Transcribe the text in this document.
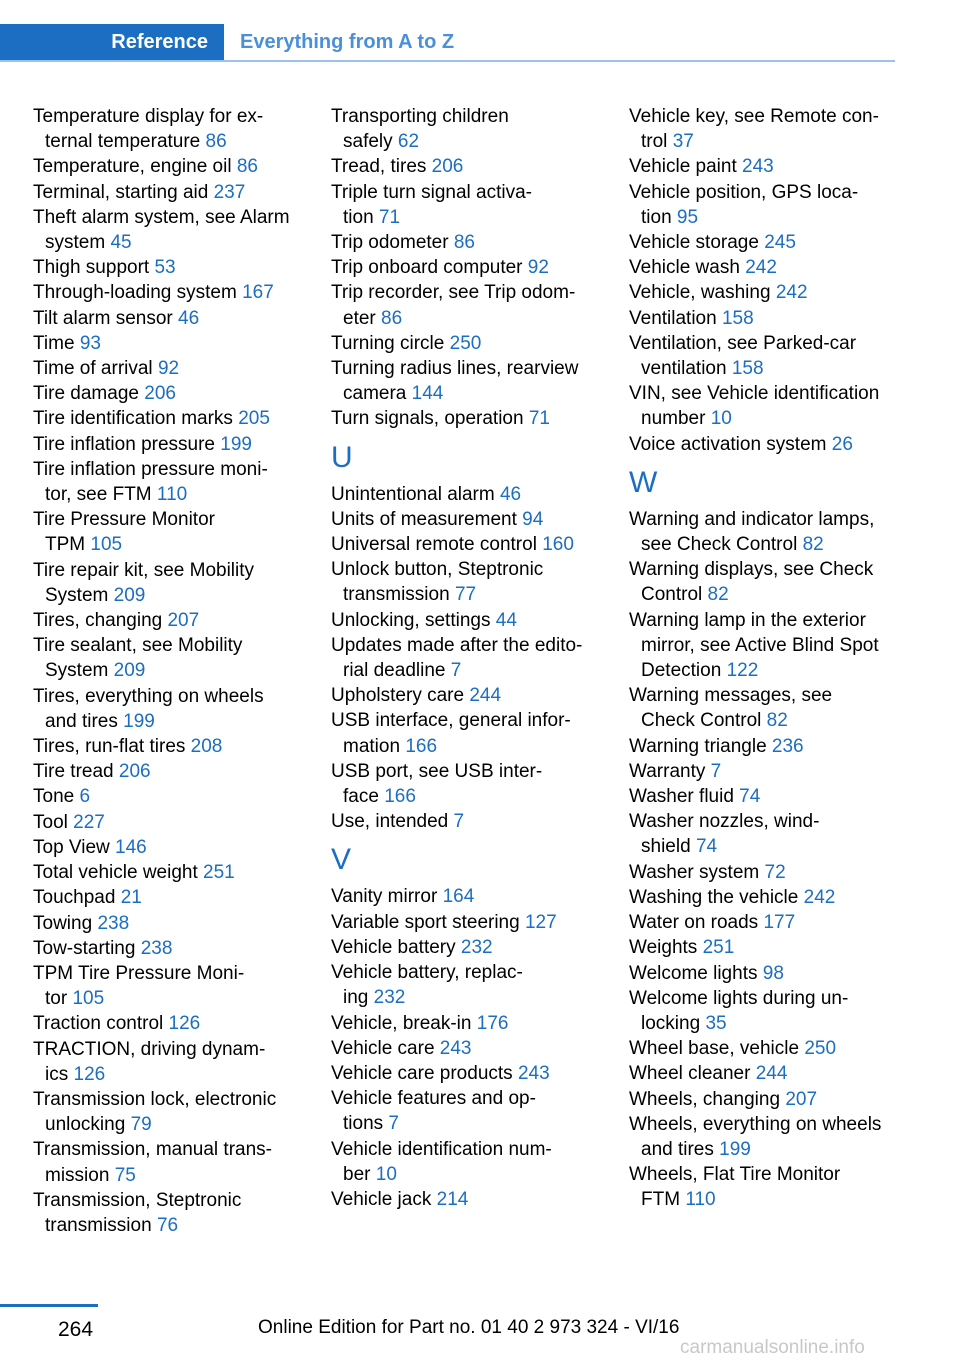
Reference	Everything from A to Z
Temperature display for ex-
ternal temperature 86
Temperature, engine oil 86
Terminal, starting aid 237
Theft alarm system, see Alarm system 45
Thigh support 53
Through-loading system 167
Tilt alarm sensor 46
Time 93
Time of arrival 92
Tire damage 206
Tire identification marks 205
Tire inflation pressure 199
Tire inflation pressure moni-
tor, see FTM 110
Tire Pressure Monitor
TPM 105
Tire repair kit, see Mobility
System 209
Tires, changing 207
Tire sealant, see Mobility
System 209
Tires, everything on wheels
and tires 199
Tires, run-flat tires 208
Tire tread 206
Tone 6
Tool 227
Top View 146
Total vehicle weight 251
Touchpad 21
Towing 238
Tow-starting 238
TPM Tire Pressure Moni-
tor 105
Traction control 126
TRACTION, driving dynam-
ics 126
Transmission lock, electronic
unlocking 79
Transmission, manual trans-
mission 75
Transmission, Steptronic
transmission 76
Transporting children
safely 62
Tread, tires 206
Triple turn signal activa-
tion 71
Trip odometer 86
Trip onboard computer 92
Trip recorder, see Trip odom-
eter 86
Turning circle 250
Turning radius lines, rearview
camera 144
Turn signals, operation 71
U
Unintentional alarm 46
Units of measurement 94
Universal remote control 160
Unlock button, Steptronic
transmission 77
Unlocking, settings 44
Updates made after the edito-
rial deadline 7
Upholstery care 244
USB interface, general infor-
mation 166
USB port, see USB inter-
face 166
Use, intended 7
V
Vanity mirror 164
Variable sport steering 127
Vehicle battery 232
Vehicle battery, replac-
ing 232
Vehicle, break-in 176
Vehicle care 243
Vehicle care products 243
Vehicle features and op-
tions 7
Vehicle identification num-
ber 10
Vehicle jack 214
Vehicle key, see Remote con-
trol 37
Vehicle paint 243
Vehicle position, GPS loca-
tion 95
Vehicle storage 245
Vehicle wash 242
Vehicle, washing 242
Ventilation 158
Ventilation, see Parked-car
ventilation 158
VIN, see Vehicle identification
number 10
Voice activation system 26
W
Warning and indicator lamps,
see Check Control 82
Warning displays, see Check
Control 82
Warning lamp in the exterior
mirror, see Active Blind Spot
Detection 122
Warning messages, see
Check Control 82
Warning triangle 236
Warranty 7
Washer fluid 74
Washer nozzles, wind-
shield 74
Washer system 72
Washing the vehicle 242
Water on roads 177
Weights 251
Welcome lights 98
Welcome lights during un-
locking 35
Wheel base, vehicle 250
Wheel cleaner 244
Wheels, changing 207
Wheels, everything on wheels
and tires 199
Wheels, Flat Tire Monitor
FTM 110
264	Online Edition for Part no. 01 40 2 973 324 - VI/16
carmanualsonline.info
